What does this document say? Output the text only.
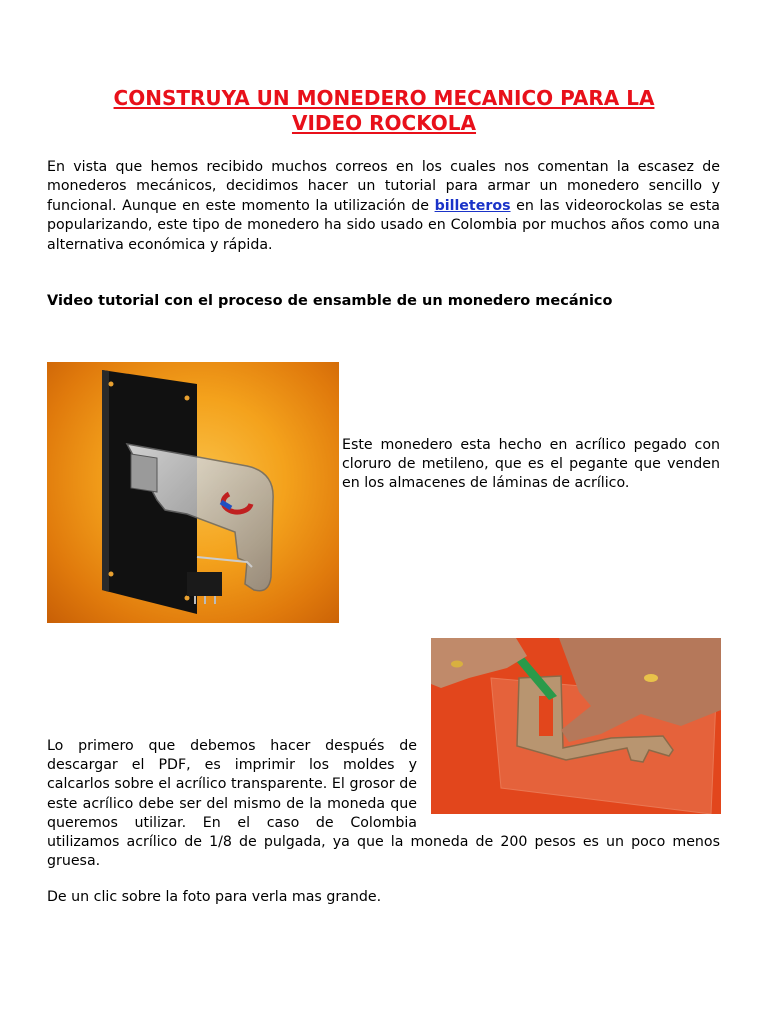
CONSTRUYA UN MONEDERO MECANICO PARA LA
VIDEO ROCKOLA

En vista que hemos recibido muchos correos en los cuales nos comentan la escasez de monederos mecánicos, decidimos hacer un tutorial para armar un monedero sencillo y funcional. Aunque en este momento la utilización de billeteros en las videorockolas se esta popularizando, este tipo de monedero ha sido usado en Colombia por muchos años como una alternativa económica y rápida.

Video tutorial con el proceso de ensamble de un monedero mecánico

Este monedero esta hecho en acrílico pegado con cloruro de metileno, que es el pegante que venden en los almacenes de láminas de acrílico.

Lo primero que debemos hacer después de descargar el PDF, es imprimir los moldes y calcarlos sobre el acrílico transparente. El grosor de este acrílico debe ser del mismo de la moneda que queremos utilizar. En el caso de Colombia utilizamos acrílico de 1/8 de pulgada, ya que la moneda de 200 pesos es un poco menos gruesa.

De un clic sobre la foto para verla mas grande.
